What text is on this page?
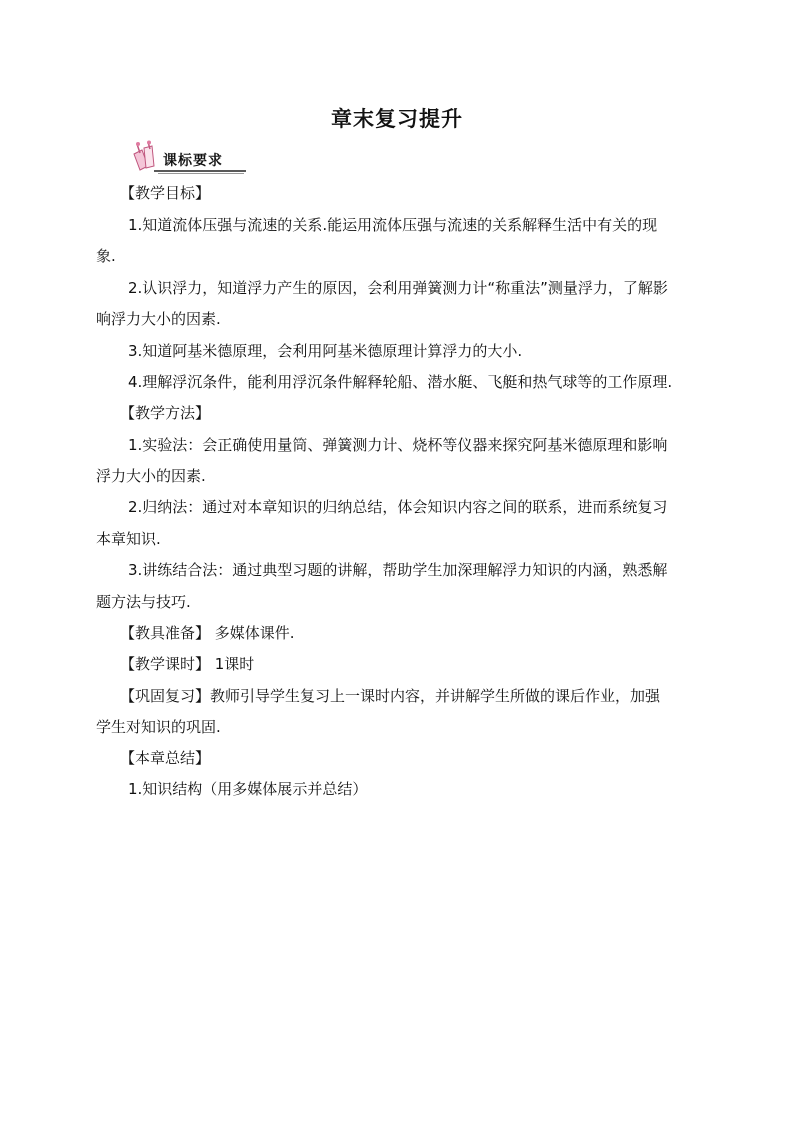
章末复习提升
课标要求
【教学目标】
1.知道流体压强与流速的关系.能运用流体压强与流速的关系解释生活中有关的现
象.
2.认识浮力，知道浮力产生的原因，会利用弹簧测力计“称重法”测量浮力，了解影
响浮力大小的因素.
3.知道阿基米德原理，会利用阿基米德原理计算浮力的大小.
4.理解浮沉条件，能利用浮沉条件解释轮船、潜水艇、飞艇和热气球等的工作原理.
【教学方法】
1.实验法：会正确使用量筒、弹簧测力计、烧杯等仪器来探究阿基米德原理和影响
浮力大小的因素.
2.归纳法：通过对本章知识的归纳总结，体会知识内容之间的联系，进而系统复习
本章知识.
3.讲练结合法：通过典型习题的讲解，帮助学生加深理解浮力知识的内涵，熟悉解
题方法与技巧.
【教具准备】 多媒体课件.
【教学课时】 1课时
【巩固复习】教师引导学生复习上一课时内容，并讲解学生所做的课后作业，加强
学生对知识的巩固.
【本章总结】
1.知识结构（用多媒体展示并总结）
